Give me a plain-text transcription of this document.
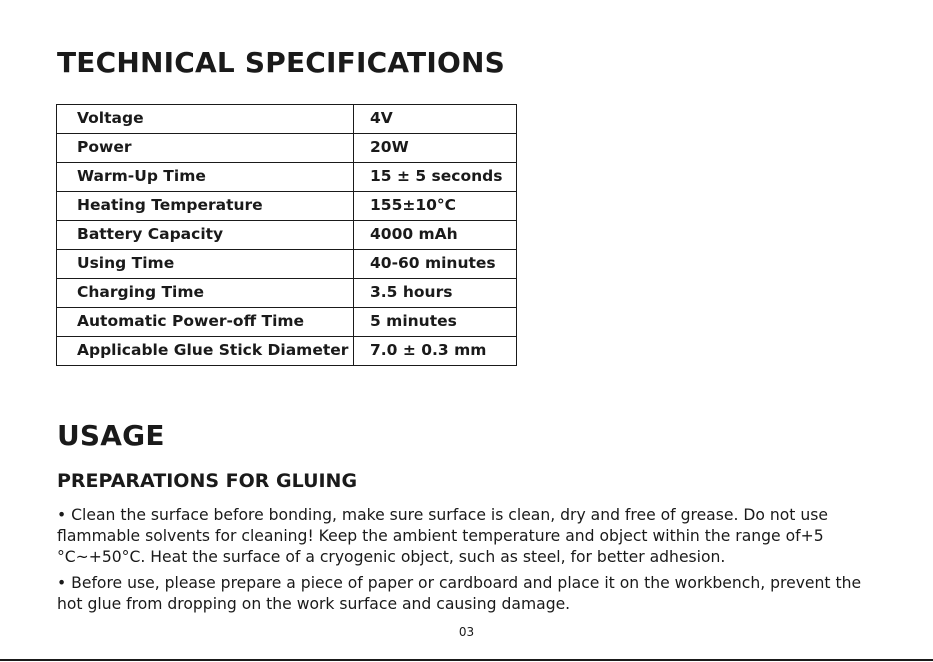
TECHNICAL SPECIFICATIONS
Voltage	4V
Power	20W
Warm-Up Time	15 ± 5 seconds
Heating Temperature	155±10°C
Battery Capacity	4000 mAh
Using Time	40-60 minutes
Charging Time	3.5 hours
Automatic Power-off Time	5 minutes
Applicable Glue Stick Diameter	7.0 ± 0.3 mm
USAGE
PREPARATIONS FOR GLUING

• Clean the surface before bonding, make sure surface is clean, dry and free of grease. Do not use flammable solvents for cleaning! Keep the ambient temperature and object within the range of+5 °C~+50°C. Heat the surface of a cryogenic object, such as steel, for better adhesion.

• Before use, please prepare a piece of paper or cardboard and place it on the workbench, prevent the hot glue from dropping on the work surface and causing damage.

03
